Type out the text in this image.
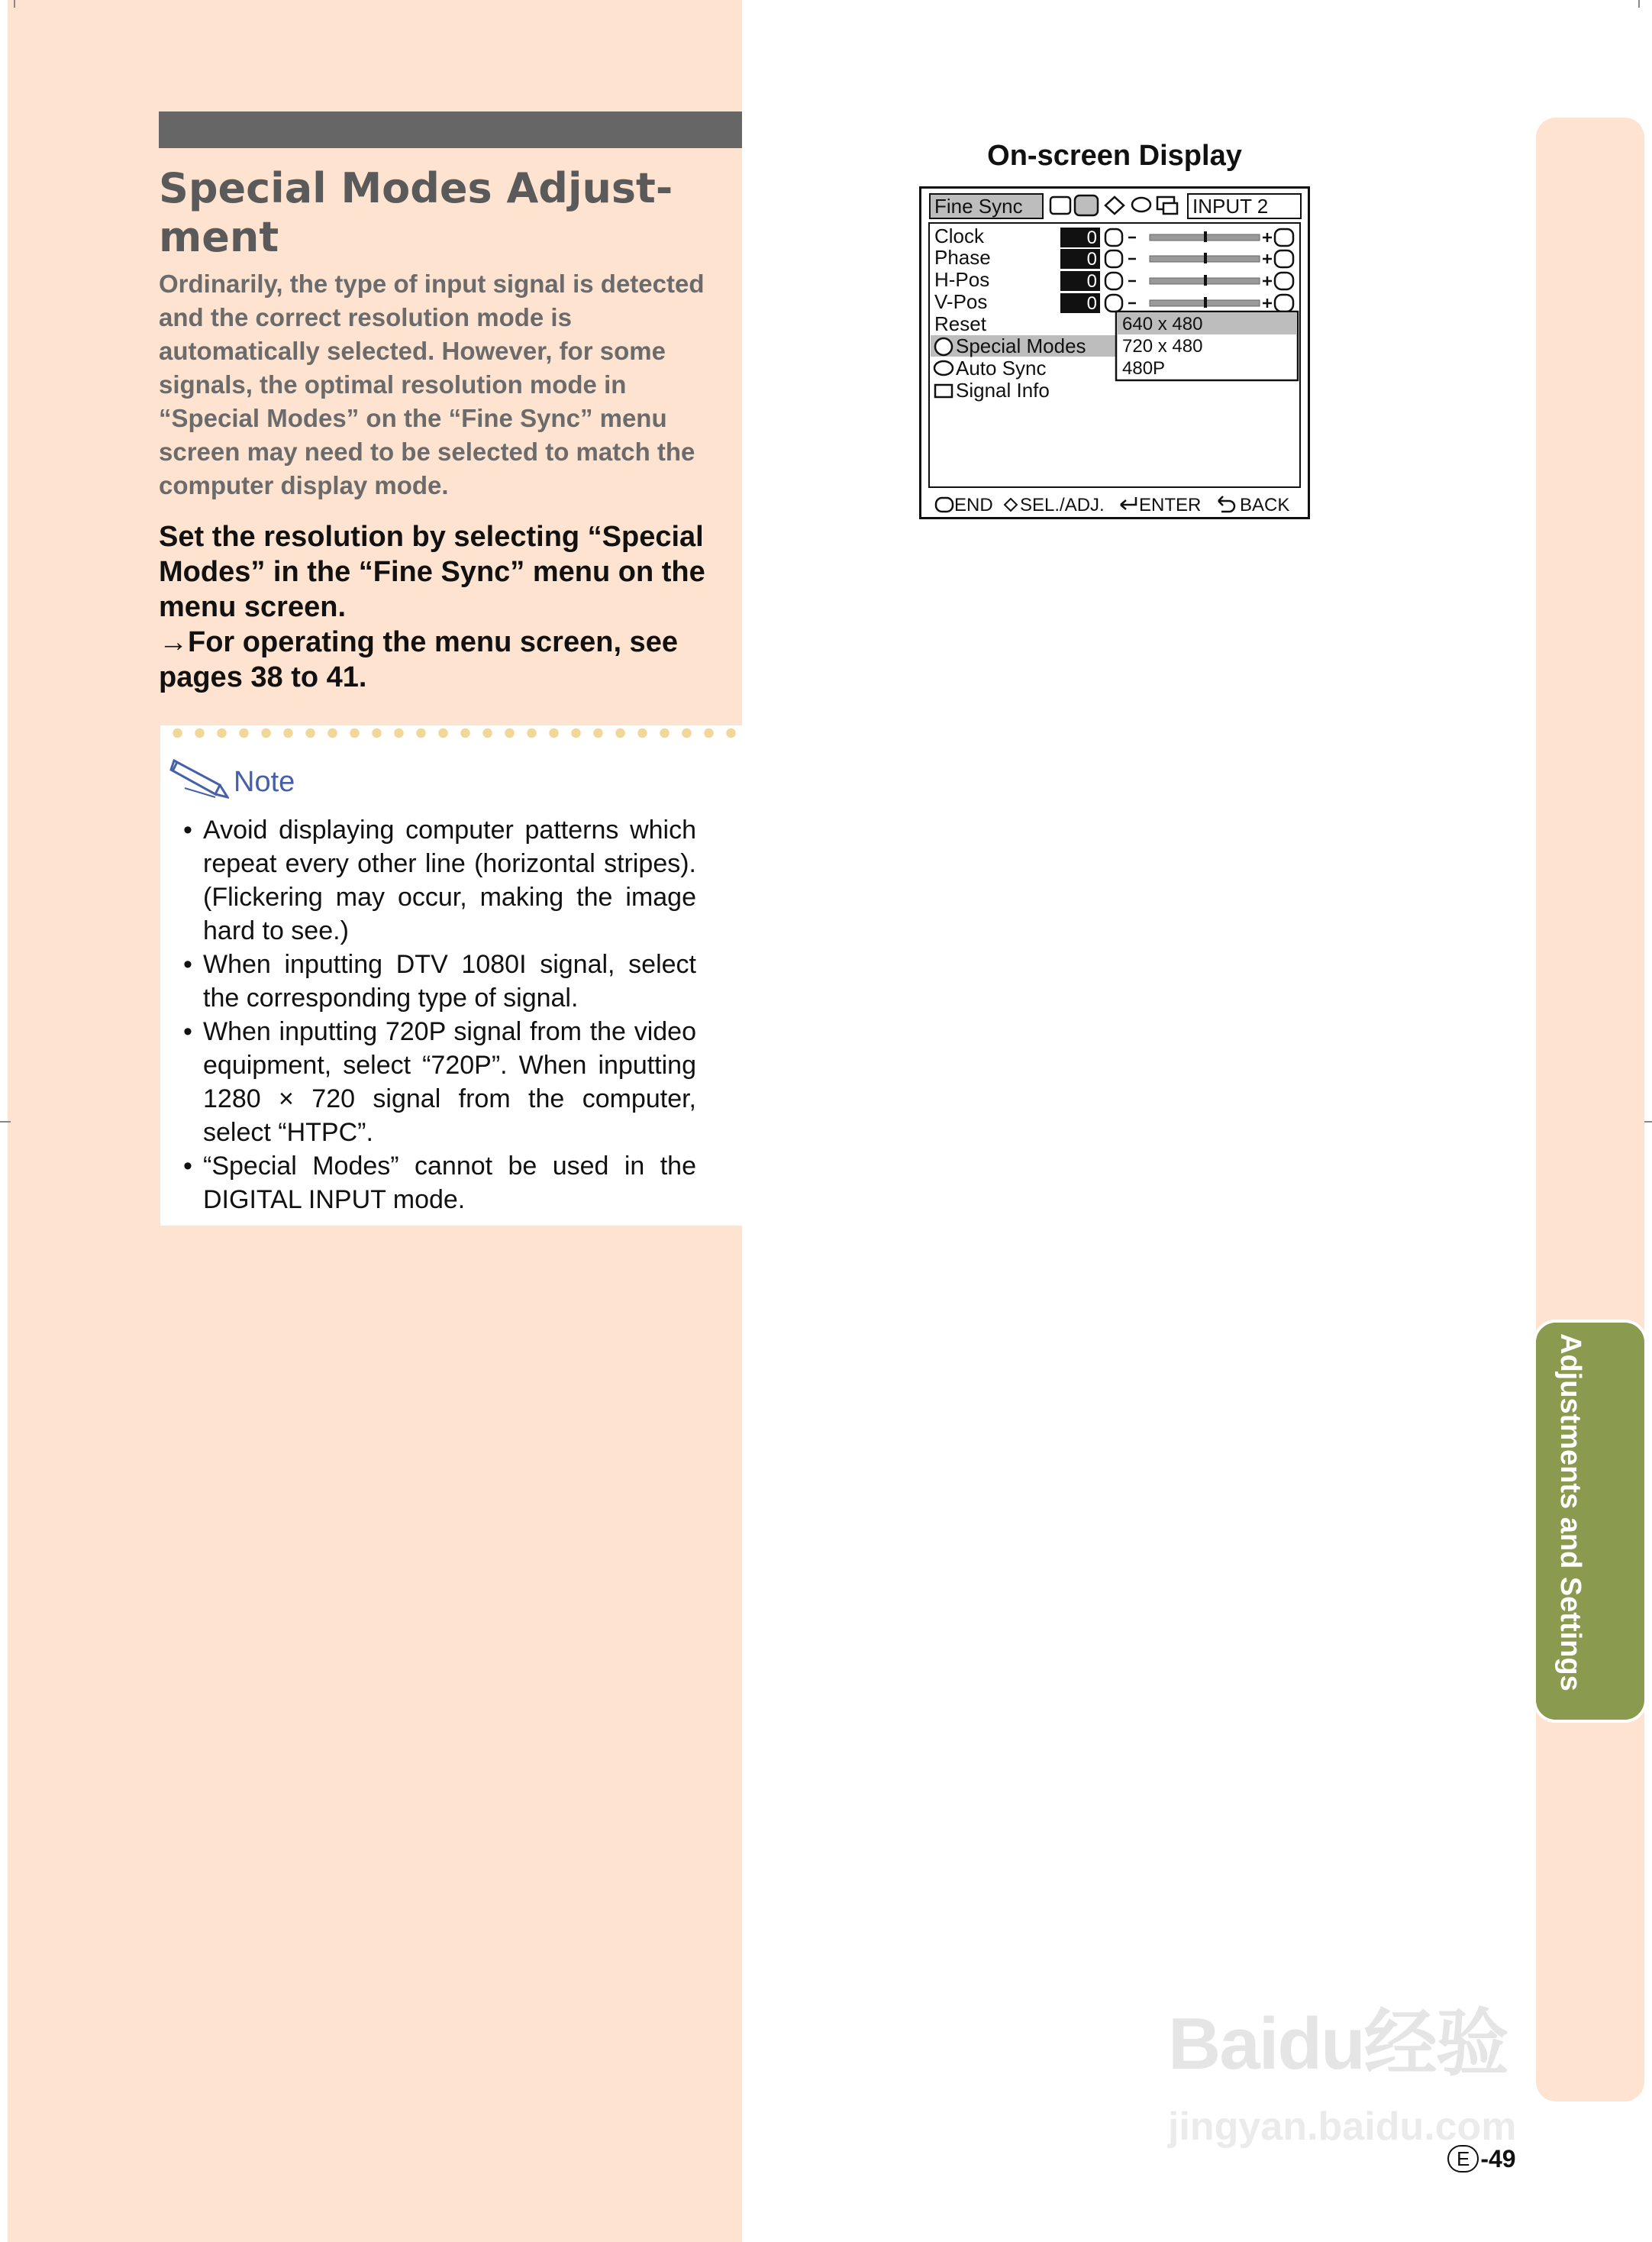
Special Modes Adjust-
ment

Ordinarily, the type of input signal is detected and the correct resolution mode is automatically selected. However, for some signals, the optimal resolution mode in “Special Modes” on the “Fine Sync” menu screen may need to be selected to match the computer display mode.

Set the resolution by selecting “Special Modes” in the “Fine Sync” menu on the menu screen.
→For operating the menu screen, see pages 38 to 41.
Note
• Avoid displaying computer patterns which repeat every other line (horizontal stripes). (Flickering may occur, making the image hard to see.)
• When inputting DTV 1080I signal, select the corresponding type of signal.
• When inputting 720P signal from the video equipment, select “720P”. When inputting 1280 × 720 signal from the computer, select “HTPC”.
• “Special Modes” cannot be used in the DIGITAL INPUT mode.
On-screen Display
Fine Sync	INPUT 2
Clock
Phase
H-Pos
V-Pos
0
0
0
0
Reset
Special Modes
Auto Sync
Signal Info
640 x 480
720 x 480
480P
END SEL./ADJ. ENTER BACK
Adjustments and Settings
Baidu经验
jingyan.baidu.com
E -49
